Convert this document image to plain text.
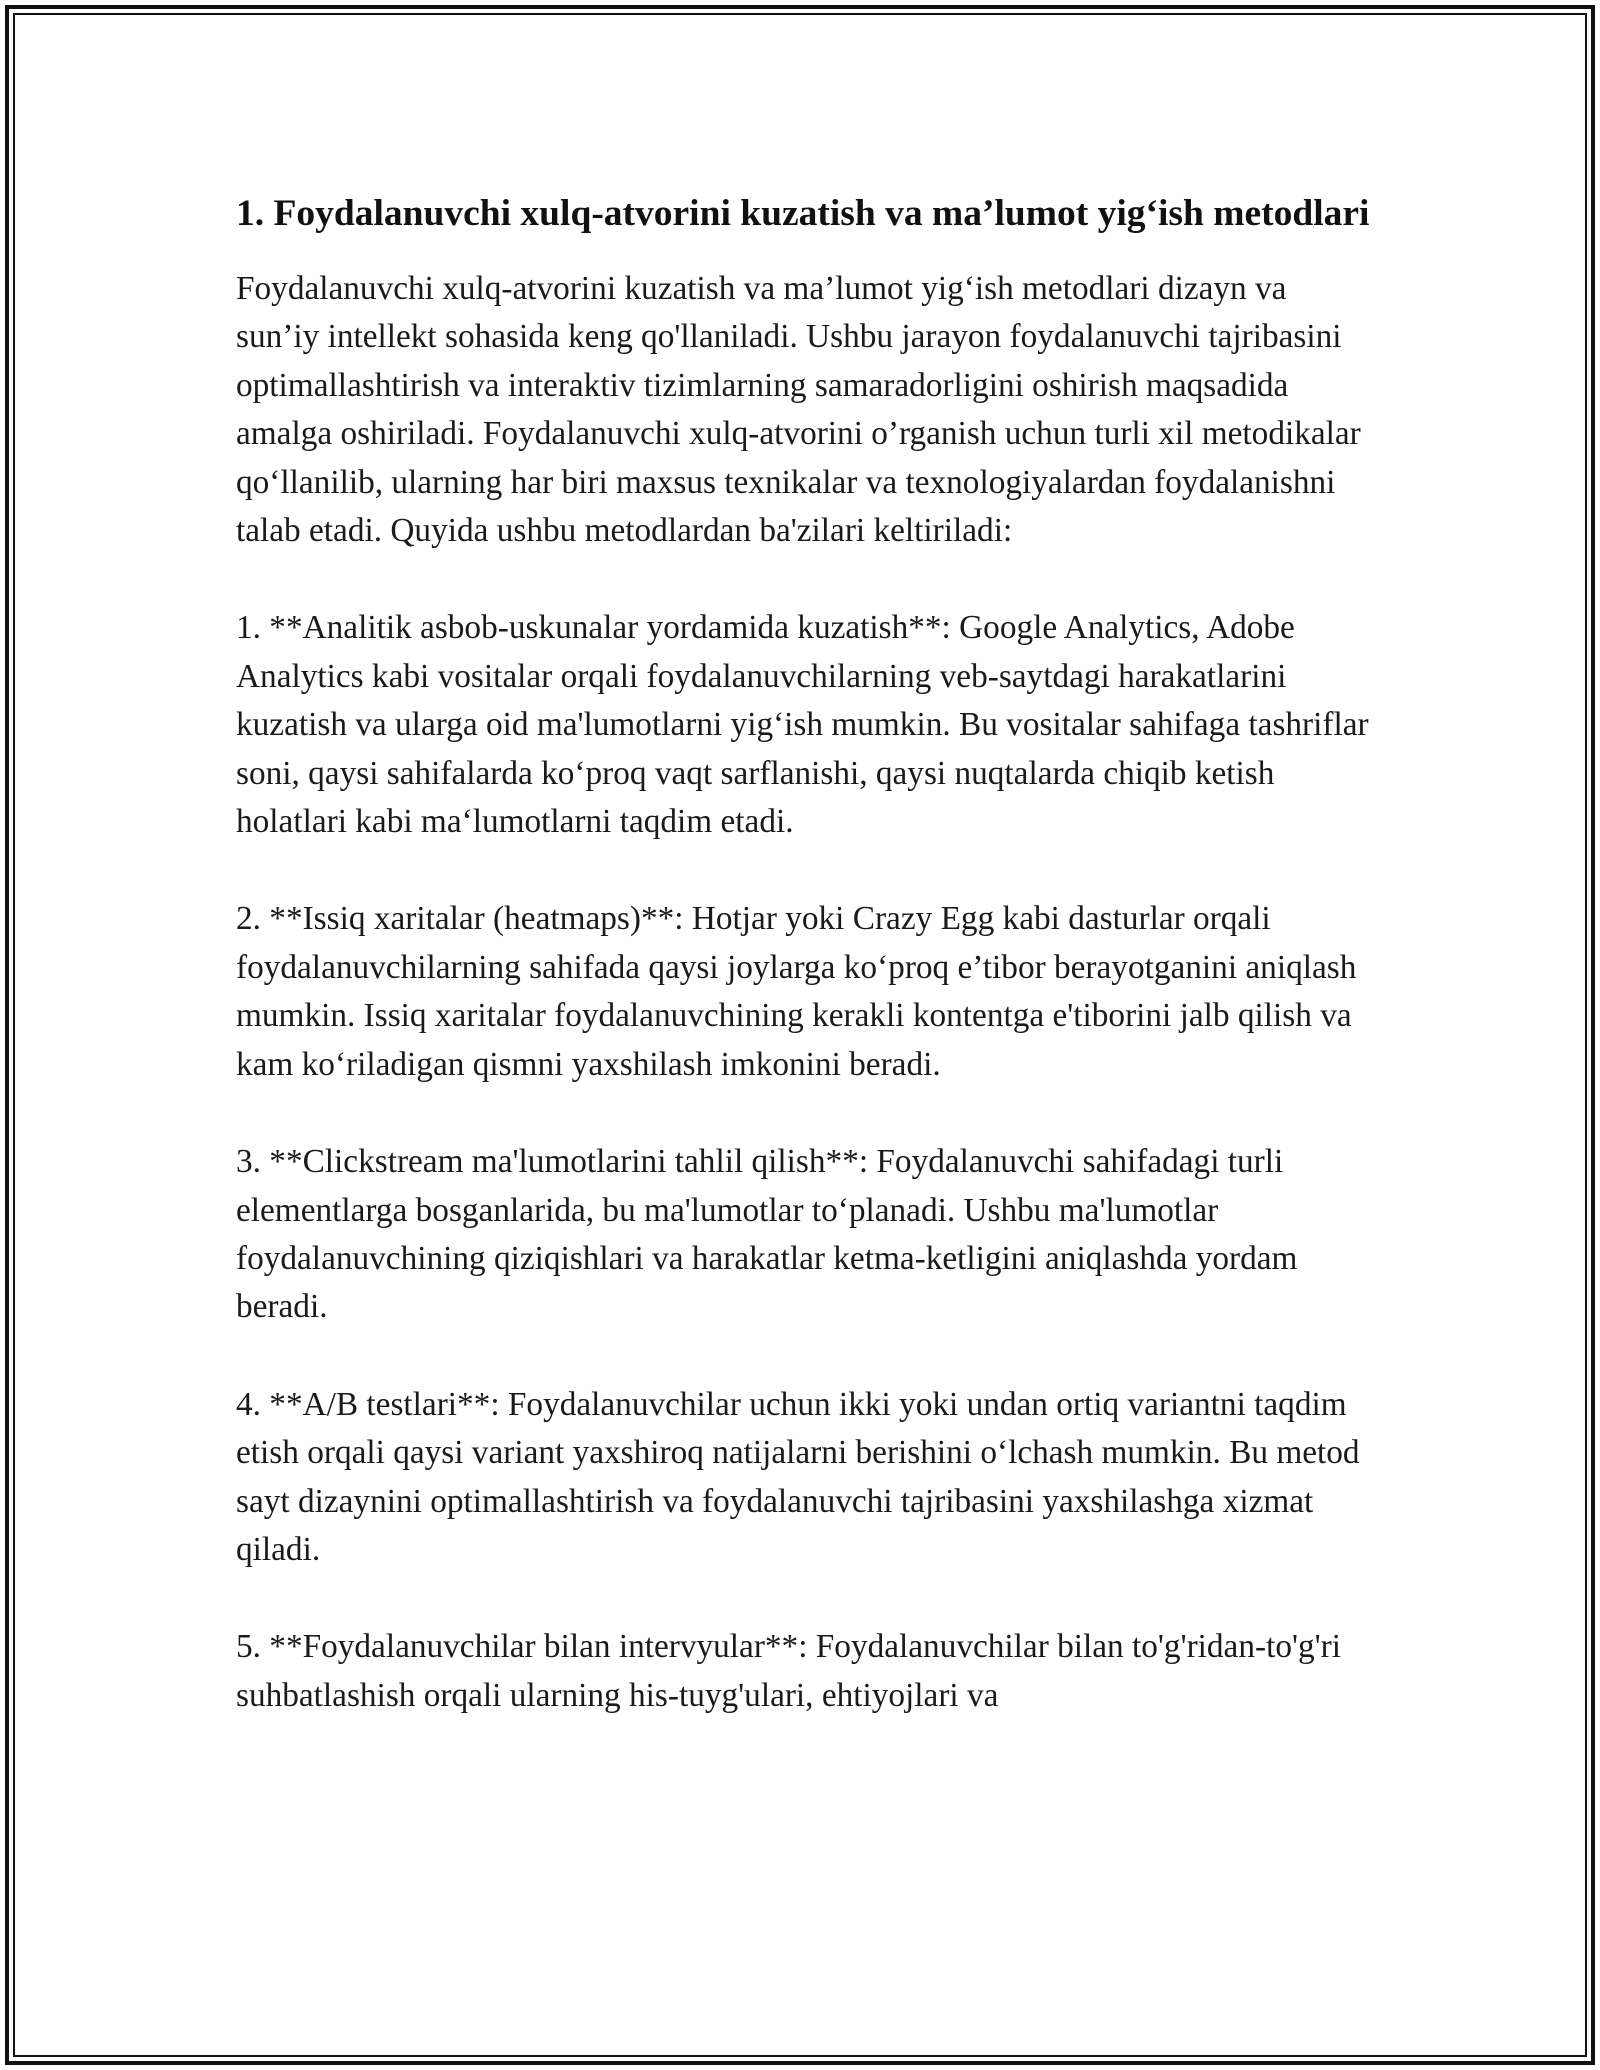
1. Foydalanuvchi xulq-atvorini kuzatish va ma’lumot yig‘ish metodlari

Foydalanuvchi xulq-atvorini kuzatish va ma’lumot yig‘ish metodlari dizayn va sun’iy intellekt sohasida keng qo'llaniladi. Ushbu jarayon foydalanuvchi tajribasini optimallashtirish va interaktiv tizimlarning samaradorligini oshirish maqsadida amalga oshiriladi. Foydalanuvchi xulq-atvorini o’rganish uchun turli xil metodikalar qo‘llanilib, ularning har biri maxsus texnikalar va texnologiyalardan foydalanishni talab etadi. Quyida ushbu metodlardan ba'zilari keltiriladi:

1. **Analitik asbob-uskunalar yordamida kuzatish**: Google Analytics, Adobe Analytics kabi vositalar orqali foydalanuvchilarning veb-saytdagi harakatlarini kuzatish va ularga oid ma'lumotlarni yig‘ish mumkin. Bu vositalar sahifaga tashriflar soni, qaysi sahifalarda ko‘proq vaqt sarflanishi, qaysi nuqtalarda chiqib ketish holatlari kabi ma‘lumotlarni taqdim etadi.

2. **Issiq xaritalar (heatmaps)**: Hotjar yoki Crazy Egg kabi dasturlar orqali foydalanuvchilarning sahifada qaysi joylarga ko‘proq e’tibor berayotganini aniqlash mumkin. Issiq xaritalar foydalanuvchining kerakli kontentga e'tiborini jalb qilish va kam ko‘riladigan qismni yaxshilash imkonini beradi.

3. **Clickstream ma'lumotlarini tahlil qilish**: Foydalanuvchi sahifadagi turli elementlarga bosganlarida, bu ma'lumotlar to‘planadi. Ushbu ma'lumotlar foydalanuvchining qiziqishlari va harakatlar ketma-ketligini aniqlashda yordam beradi.

4. **A/B testlari**: Foydalanuvchilar uchun ikki yoki undan ortiq variantni taqdim etish orqali qaysi variant yaxshiroq natijalarni berishini o‘lchash mumkin. Bu metod sayt dizaynini optimallashtirish va foydalanuvchi tajribasini yaxshilashga xizmat qiladi.

5. **Foydalanuvchilar bilan intervyular**: Foydalanuvchilar bilan to'g'ridan-to'g'ri suhbatlashish orqali ularning his-tuyg'ulari, ehtiyojlari va
